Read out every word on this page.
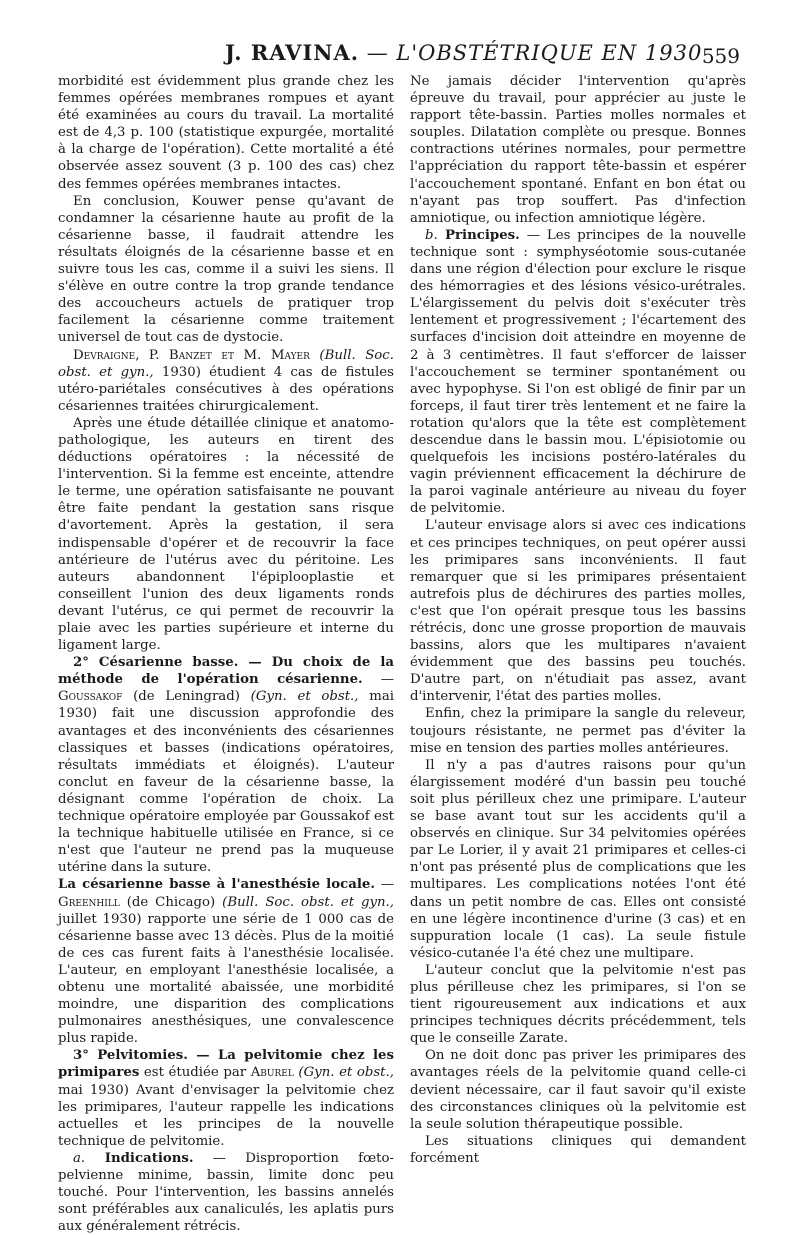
J. RAVINA. — L'OBSTÉTRIQUE EN 1930 559

morbidité est évidemment plus grande chez les femmes opérées membranes rompues et ayant été examinées au cours du travail. La mortalité est de 4,3 p. 100 (statistique expurgée, mortalité à la charge de l'opération). Cette mortalité a été observée assez souvent (3 p. 100 des cas) chez des femmes opérées membranes intactes.

En conclusion, Kouwer pense qu'avant de condamner la césarienne haute au profit de la césarienne basse, il faudrait attendre les résultats éloignés de la césarienne basse et en suivre tous les cas, comme il a suivi les siens. Il s'élève en outre contre la trop grande tendance des accoucheurs actuels de pratiquer trop facilement la césarienne comme traitement universel de tout cas de dystocie.

Devraigne, P. Banzet et M. Mayer (Bull. Soc. obst. et gyn., 1930) étudient 4 cas de fistules utéro-pariétales consécutives à des opérations césariennes traitées chirurgicalement.

Après une étude détaillée clinique et anatomo-pathologique, les auteurs en tirent des déductions opératoires : la nécessité de l'intervention. Si la femme est enceinte, attendre le terme, une opération satisfaisante ne pouvant être faite pendant la gestation sans risque d'avortement. Après la gestation, il sera indispensable d'opérer et de recouvrir la face antérieure de l'utérus avec du péritoine. Les auteurs abandonnent l'épiplooplastie et conseillent l'union des deux ligaments ronds devant l'utérus, ce qui permet de recouvrir la plaie avec les parties supérieure et interne du ligament large.

2° Césarienne basse. — Du choix de la méthode de l'opération césarienne. — Goussakof (de Leningrad) (Gyn. et obst., mai 1930) fait une discussion approfondie des avantages et des inconvénients des césariennes classiques et basses (indications opératoires, résultats immédiats et éloignés). L'auteur conclut en faveur de la césarienne basse, la désignant comme l'opération de choix. La technique opératoire employée par Goussakof est la technique habituelle utilisée en France, si ce n'est que l'auteur ne prend pas la muqueuse utérine dans la suture.

La césarienne basse à l'anesthésie locale. — Greenhill (de Chicago) (Bull. Soc. obst. et gyn., juillet 1930) rapporte une série de 1 000 cas de césarienne basse avec 13 décès. Plus de la moitié de ces cas furent faits à l'anesthésie localisée. L'auteur, en employant l'anesthésie localisée, a obtenu une mortalité abaissée, une morbidité moindre, une disparition des complications pulmonaires anesthésiques, une convalescence plus rapide.

3° Pelvitomies. — La pelvitomie chez les primipares est étudiée par Aburel (Gyn. et obst., mai 1930) Avant d'envisager la pelvitomie chez les primipares, l'auteur rappelle les indications actuelles et les principes de la nouvelle technique de pelvitomie.

a. Indications. — Disproportion fœto-pelvienne minime, bassin, limite donc peu touché. Pour l'intervention, les bassins annelés sont préférables aux canaliculés, les aplatis purs aux généralement rétrécis.

Ne jamais décider l'intervention qu'après épreuve du travail, pour apprécier au juste le rapport tête-bassin. Parties molles normales et souples. Dilatation complète ou presque. Bonnes contractions utérines normales, pour permettre l'appréciation du rapport tête-bassin et espérer l'accouchement spontané. Enfant en bon état ou n'ayant pas trop souffert. Pas d'infection amniotique, ou infection amniotique légère.

b. Principes. — Les principes de la nouvelle technique sont : symphyséotomie sous-cutanée dans une région d'élection pour exclure le risque des hémorragies et des lésions vésico-urétrales. L'élargissement du pelvis doit s'exécuter très lentement et progressivement ; l'écartement des surfaces d'incision doit atteindre en moyenne de 2 à 3 centimètres. Il faut s'efforcer de laisser l'accouchement se terminer spontanément ou avec hypophyse. Si l'on est obligé de finir par un forceps, il faut tirer très lentement et ne faire la rotation qu'alors que la tête est complètement descendue dans le bassin mou. L'épisiotomie ou quelquefois les incisions postéro-latérales du vagin préviennent efficacement la déchirure de la paroi vaginale antérieure au niveau du foyer de pelvitomie.

L'auteur envisage alors si avec ces indications et ces principes techniques, on peut opérer aussi les primipares sans inconvénients. Il faut remarquer que si les primipares présentaient autrefois plus de déchirures des parties molles, c'est que l'on opérait presque tous les bassins rétrécis, donc une grosse proportion de mauvais bassins, alors que les multipares n'avaient évidemment que des bassins peu touchés. D'autre part, on n'étudiait pas assez, avant d'intervenir, l'état des parties molles.

Enfin, chez la primipare la sangle du releveur, toujours résistante, ne permet pas d'éviter la mise en tension des parties molles antérieures.

Il n'y a pas d'autres raisons pour qu'un élargissement modéré d'un bassin peu touché soit plus périlleux chez une primipare. L'auteur se base avant tout sur les accidents qu'il a observés en clinique. Sur 34 pelvitomies opérées par Le Lorier, il y avait 21 primipares et celles-ci n'ont pas présenté plus de complications que les multipares. Les complications notées l'ont été dans un petit nombre de cas. Elles ont consisté en une légère incontinence d'urine (3 cas) et en suppuration locale (1 cas). La seule fistule vésico-cutanée l'a été chez une multipare.

L'auteur conclut que la pelvitomie n'est pas plus périlleuse chez les primipares, si l'on se tient rigoureusement aux indications et aux principes techniques décrits précédemment, tels que le conseille Zarate.

On ne doit donc pas priver les primipares des avantages réels de la pelvitomie quand celle-ci devient nécessaire, car il faut savoir qu'il existe des circonstances cliniques où la pelvitomie est la seule solution thérapeutique possible.

Les situations cliniques qui demandent forcément
